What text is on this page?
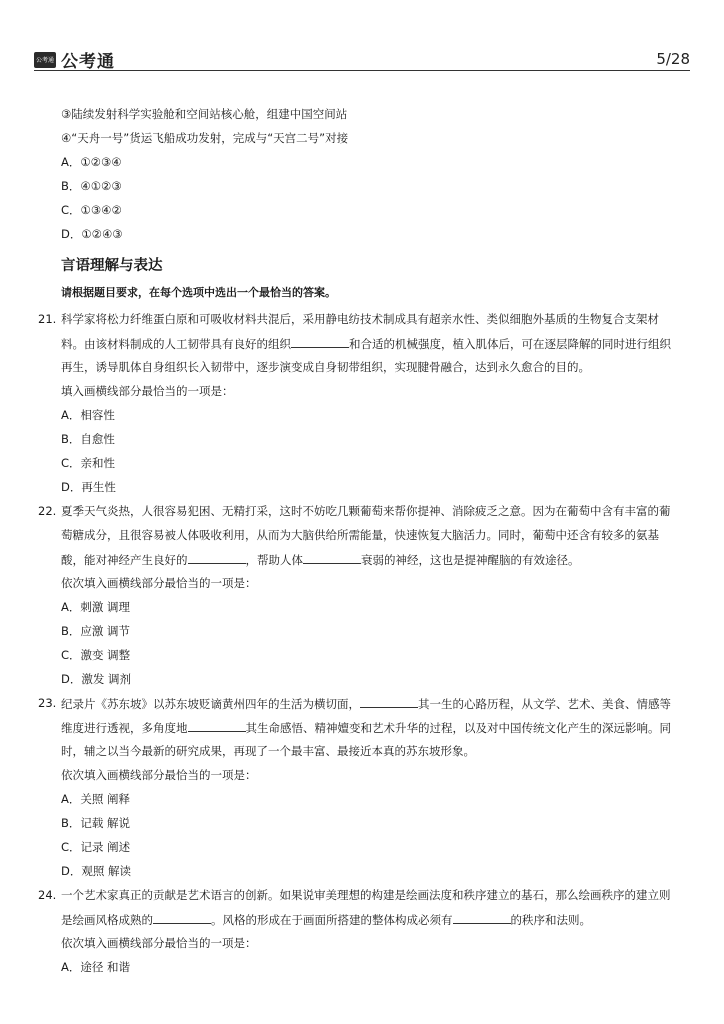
公考通 公考通	5/28
③陆续发射科学实验舱和空间站核心舱，组建中国空间站
④“天舟一号”货运飞船成功发射，完成与“天宫二号”对接
A．①②③④
B．④①②③
C．①③④②
D．①②④③
言语理解与表达
请根据题目要求，在每个选项中选出一个最恰当的答案。
21. 科学家将松力纤维蛋白原和可吸收材料共混后，采用静电纺技术制成具有超亲水性、类似细胞外基质的生物复合支架材
料。由该材料制成的人工韧带具有良好的组织	和合适的机械强度，植入肌体后，可在逐层降解的同时进行组织
再生，诱导肌体自身组织长入韧带中，逐步演变成自身韧带组织，实现腱骨融合，达到永久愈合的目的。
填入画横线部分最恰当的一项是：
A．相容性
B．自愈性
C．亲和性
D．再生性
22. 夏季天气炎热，人很容易犯困、无精打采，这时不妨吃几颗葡萄来帮你提神、消除疲乏之意。因为在葡萄中含有丰富的葡
萄糖成分，且很容易被人体吸收利用，从而为大脑供给所需能量，快速恢复大脑活力。同时，葡萄中还含有较多的氨基
酸，能对神经产生良好的	，帮助人体	衰弱的神经，这也是提神醒脑的有效途径。
依次填入画横线部分最恰当的一项是：
A．刺激 调理
B．应激 调节
C．激变 调整
D．激发 调剂
23. 纪录片《苏东坡》以苏东坡贬谪黄州四年的生活为横切面，	其一生的心路历程，从文学、艺术、美食、情感等
维度进行透视，多角度地	其生命感悟、精神嬗变和艺术升华的过程，以及对中国传统文化产生的深远影响。同
时，辅之以当今最新的研究成果，再现了一个最丰富、最接近本真的苏东坡形象。
依次填入画横线部分最恰当的一项是：
A．关照 阐释
B．记载 解说
C．记录 阐述
D．观照 解读
24. 一个艺术家真正的贡献是艺术语言的创新。如果说审美理想的构建是绘画法度和秩序建立的基石，那么绘画秩序的建立则
是绘画风格成熟的	。风格的形成在于画面所搭建的整体构成必须有	的秩序和法则。
依次填入画横线部分最恰当的一项是：
A．途径 和谐
